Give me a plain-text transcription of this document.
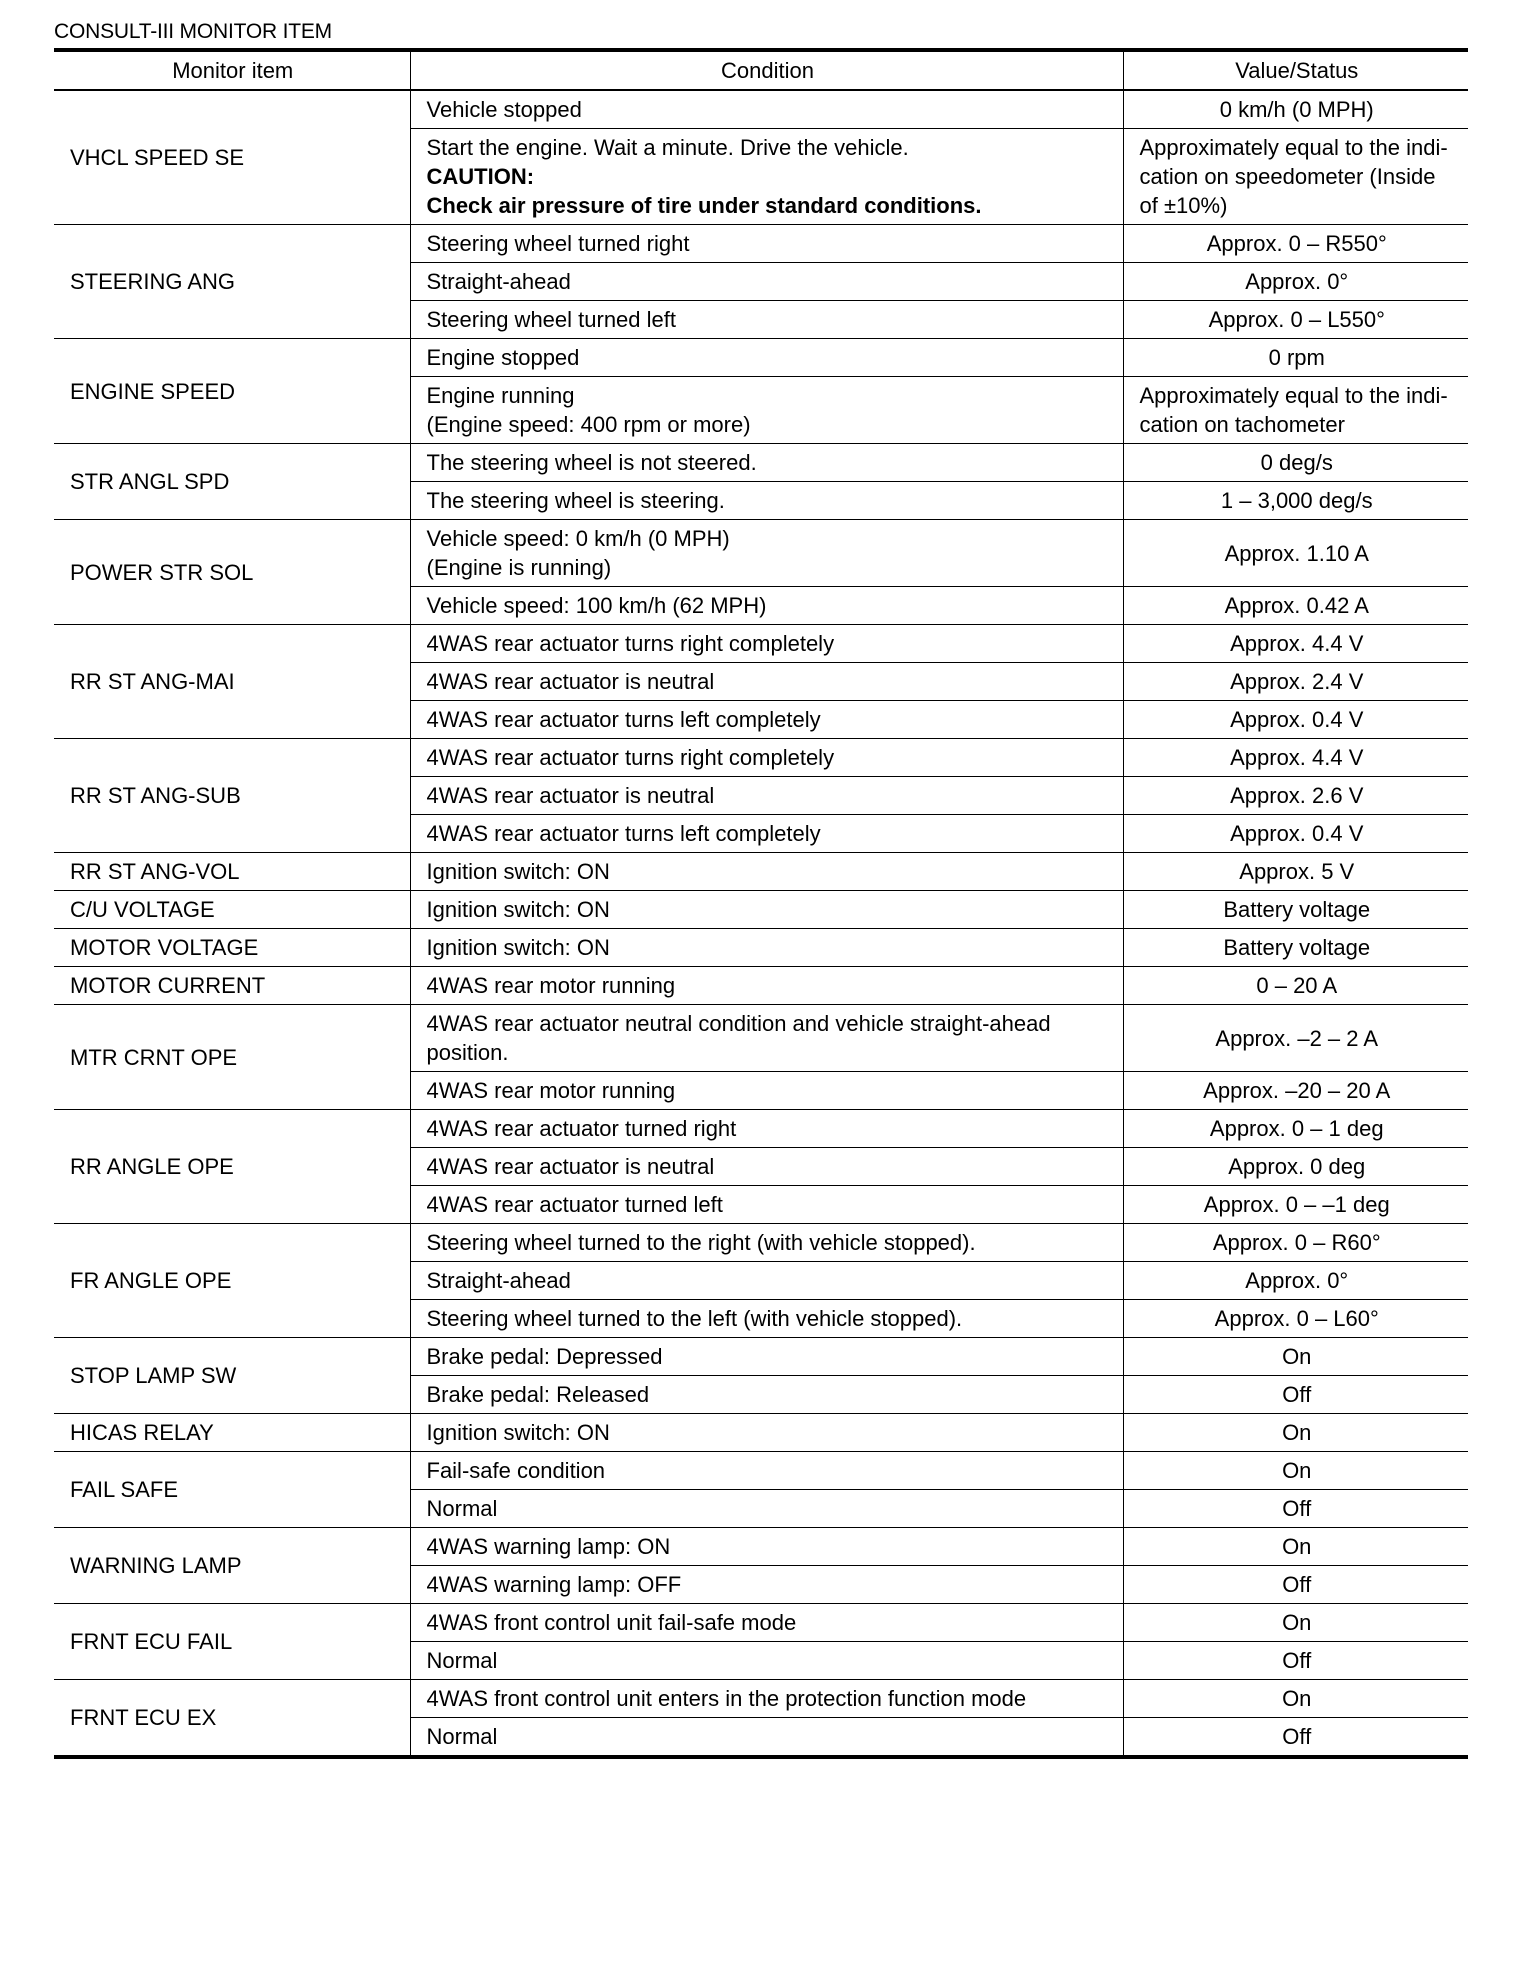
CONSULT-III MONITOR ITEM
Monitor item	Condition	Value/Status
VHCL SPEED SE	Vehicle stopped	0 km/h (0 MPH)
	Start the engine. Wait a minute. Drive the vehicle.
CAUTION:
Check air pressure of tire under standard conditions.	Approximately equal to the indi-
cation on speedometer (Inside
of ±10%)
STEERING ANG	Steering wheel turned right	Approx. 0 – R550°
	Straight-ahead	Approx. 0°
	Steering wheel turned left	Approx. 0 – L550°
ENGINE SPEED	Engine stopped	0 rpm
	Engine running
(Engine speed: 400 rpm or more)	Approximately equal to the indi-
cation on tachometer
STR ANGL SPD	The steering wheel is not steered.	0 deg/s
	The steering wheel is steering.	1 – 3,000 deg/s
POWER STR SOL	Vehicle speed: 0 km/h (0 MPH)
(Engine is running)	Approx. 1.10 A
	Vehicle speed: 100 km/h (62 MPH)	Approx. 0.42 A
RR ST ANG-MAI	4WAS rear actuator turns right completely	Approx. 4.4 V
	4WAS rear actuator is neutral	Approx. 2.4 V
	4WAS rear actuator turns left completely	Approx. 0.4 V
RR ST ANG-SUB	4WAS rear actuator turns right completely	Approx. 4.4 V
	4WAS rear actuator is neutral	Approx. 2.6 V
	4WAS rear actuator turns left completely	Approx. 0.4 V
RR ST ANG-VOL	Ignition switch: ON	Approx. 5 V
C/U VOLTAGE	Ignition switch: ON	Battery voltage
MOTOR VOLTAGE	Ignition switch: ON	Battery voltage
MOTOR CURRENT	4WAS rear motor running	0 – 20 A
MTR CRNT OPE	4WAS rear actuator neutral condition and vehicle straight-ahead
position.	Approx. –2 – 2 A
	4WAS rear motor running	Approx. –20 – 20 A
RR ANGLE OPE	4WAS rear actuator turned right	Approx. 0 – 1 deg
	4WAS rear actuator is neutral	Approx. 0 deg
	4WAS rear actuator turned left	Approx. 0 – –1 deg
FR ANGLE OPE	Steering wheel turned to the right (with vehicle stopped).	Approx. 0 – R60°
	Straight-ahead	Approx. 0°
	Steering wheel turned to the left (with vehicle stopped).	Approx. 0 – L60°
STOP LAMP SW	Brake pedal: Depressed	On
	Brake pedal: Released	Off
HICAS RELAY	Ignition switch: ON	On
FAIL SAFE	Fail-safe condition	On
	Normal	Off
WARNING LAMP	4WAS warning lamp: ON	On
	4WAS warning lamp: OFF	Off
FRNT ECU FAIL	4WAS front control unit fail-safe mode	On
	Normal	Off
FRNT ECU EX	4WAS front control unit enters in the protection function mode	On
	Normal	Off
